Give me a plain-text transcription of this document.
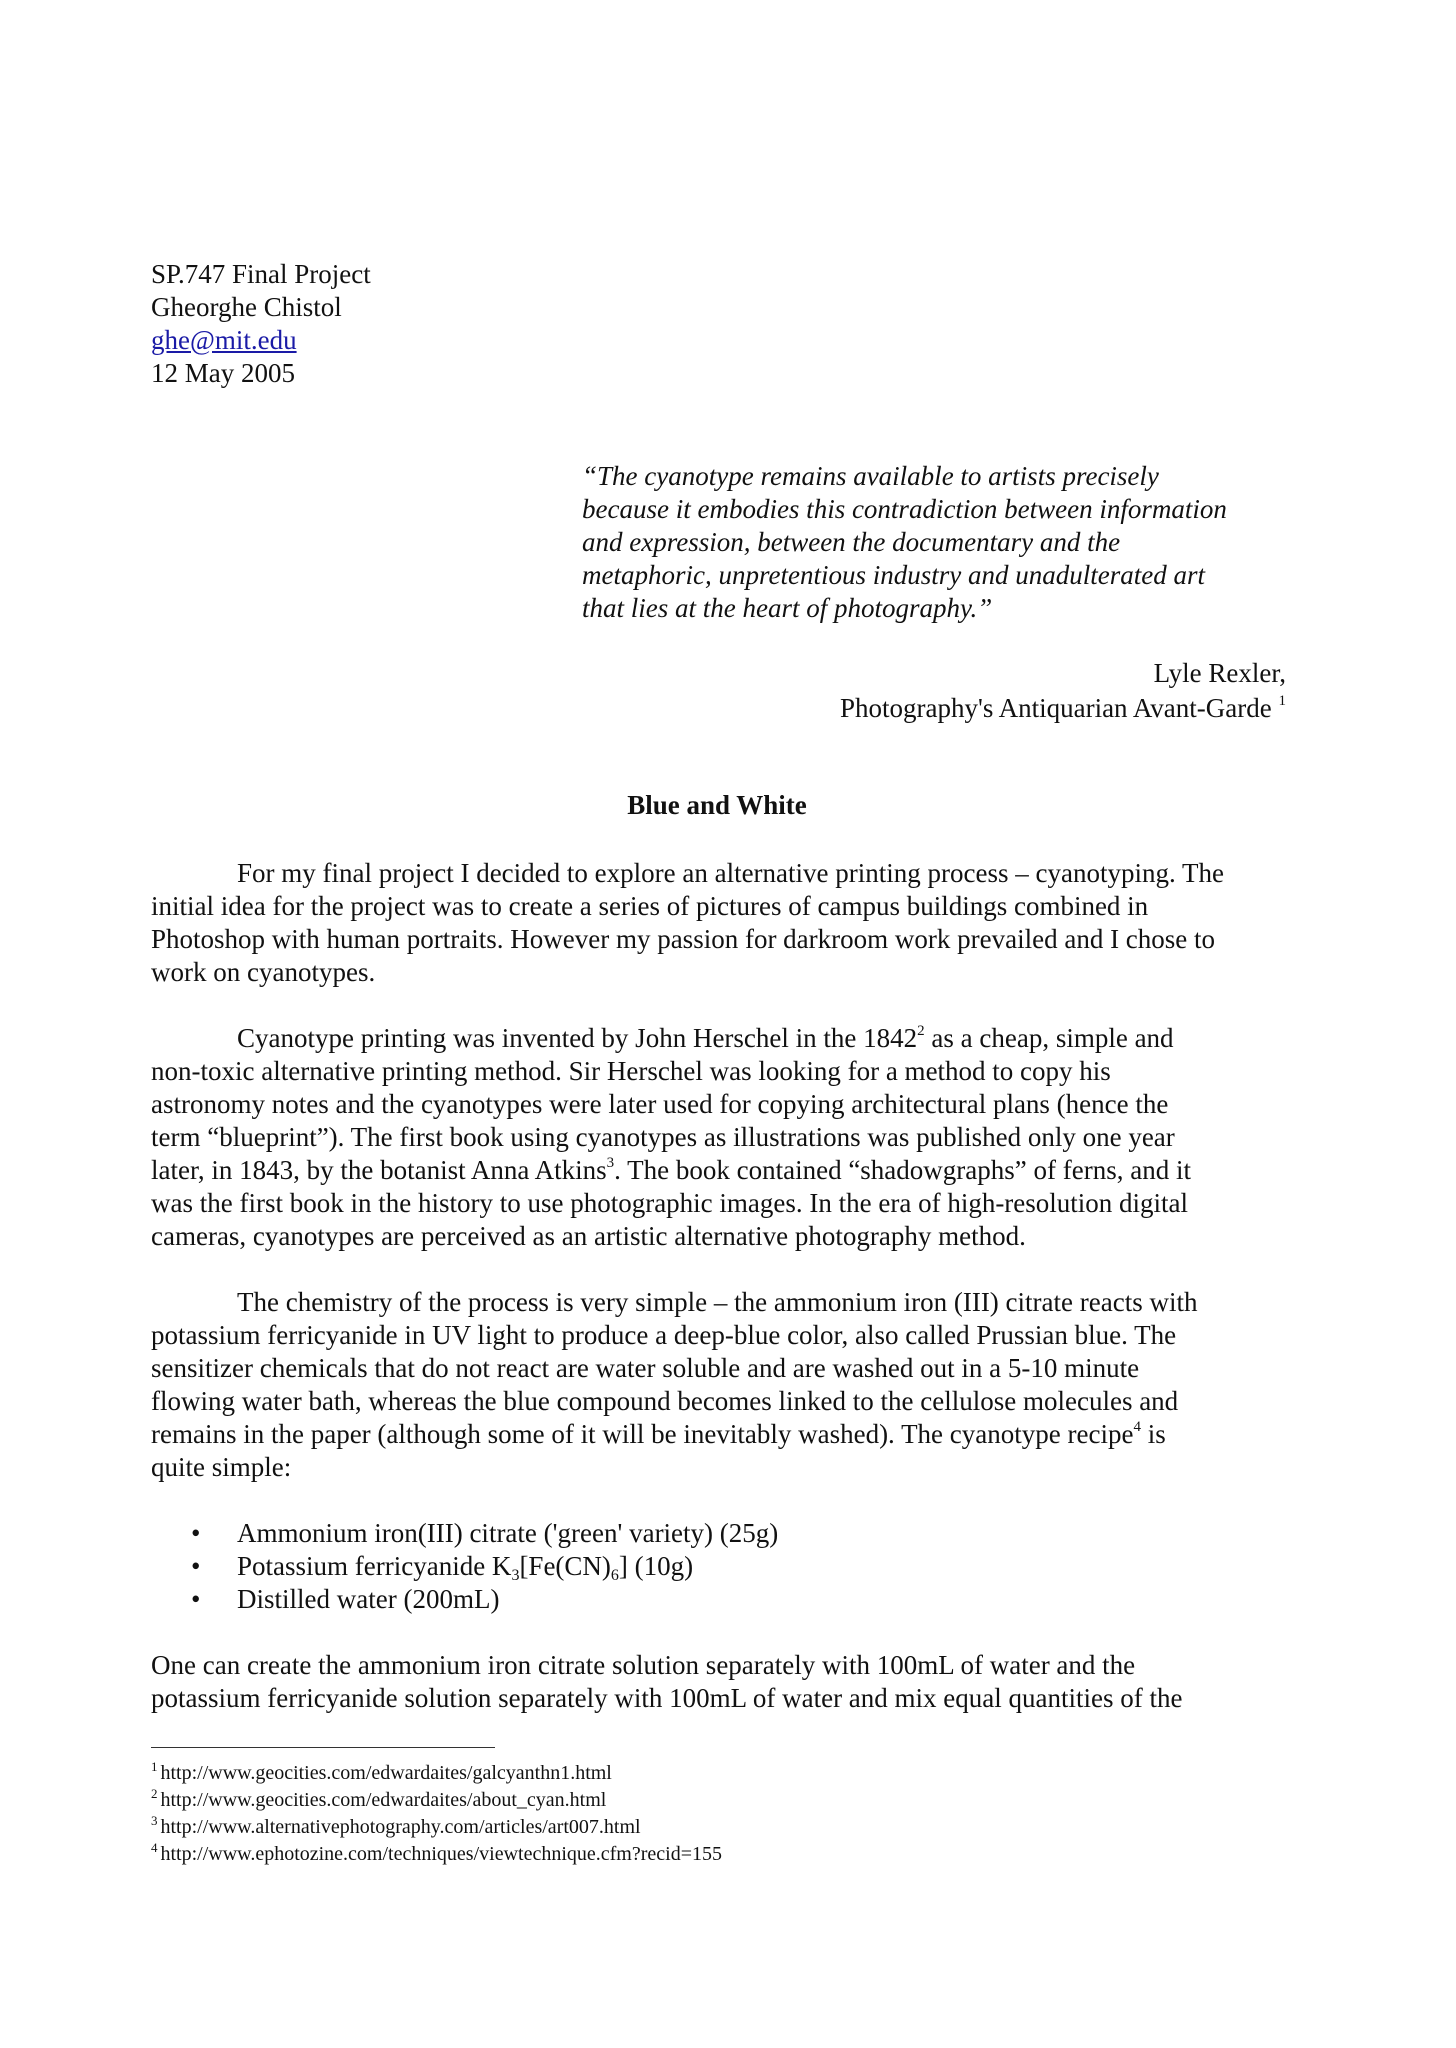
SP.747 Final Project
Gheorghe Chistol
ghe@mit.edu
12 May 2005
“The cyanotype remains available to artists precisely
because it embodies this contradiction between information
and expression, between the documentary and the
metaphoric, unpretentious industry and unadulterated art
that lies at the heart of photography.”
Lyle Rexler,
Photography's Antiquarian Avant-Garde $^1$
Blue and White
For my final project I decided to explore an alternative printing process – cyanotyping. The
initial idea for the project was to create a series of pictures of campus buildings combined in
Photoshop with human portraits. However my passion for darkroom work prevailed and I chose to
work on cyanotypes.
Cyanotype printing was invented by John Herschel in the 1842$^2$ as a cheap, simple and
non-toxic alternative printing method. Sir Herschel was looking for a method to copy his
astronomy notes and the cyanotypes were later used for copying architectural plans (hence the
term “blueprint”). The first book using cyanotypes as illustrations was published only one year
later, in 1843, by the botanist Anna Atkins$^3$. The book contained “shadowgraphs” of ferns, and it
was the first book in the history to use photographic images. In the era of high-resolution digital
cameras, cyanotypes are perceived as an artistic alternative photography method.
The chemistry of the process is very simple – the ammonium iron (III) citrate reacts with
potassium ferricyanide in UV light to produce a deep-blue color, also called Prussian blue. The
sensitizer chemicals that do not react are water soluble and are washed out in a 5-10 minute
flowing water bath, whereas the blue compound becomes linked to the cellulose molecules and
remains in the paper (although some of it will be inevitably washed). The cyanotype recipe$^4$ is
quite simple:
• Ammonium iron(III) citrate ('green' variety) (25g)
• Potassium ferricyanide $K_3[Fe(CN)_6]$ (10g)
• Distilled water (200mL)
One can create the ammonium iron citrate solution separately with 100mL of water and the
potassium ferricyanide solution separately with 100mL of water and mix equal quantities of the
$^1$ http://www.geocities.com/edwardaites/galcyanthn1.html
$^2$ http://www.geocities.com/edwardaites/about_cyan.html
$^3$ http://www.alternativephotography.com/articles/art007.html
$^4$ http://www.ephotozine.com/techniques/viewtechnique.cfm?recid=155
